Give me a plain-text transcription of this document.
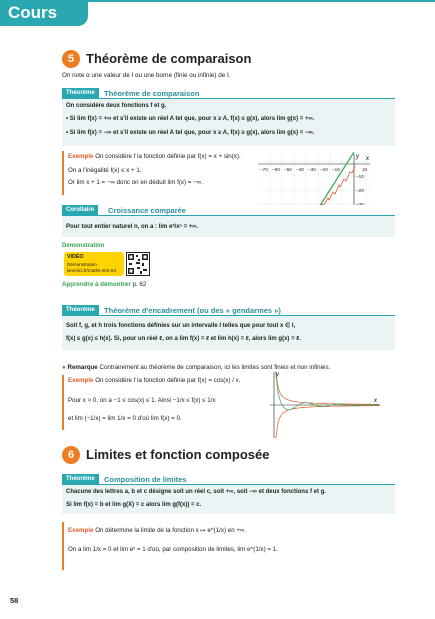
Cours
5 Théorème de comparaison
On note α une valeur de I ou une borne (finie ou infinie) de I.
Théorème	Théorème de comparaison
On considère deux fonctions f et g.
• Si lim f(x) = +∞ et s'il existe un réel A tel que, pour x ≥ A, f(x) ≤ g(x), alors lim g(x) = +∞.
• Si lim f(x) = −∞ et s'il existe un réel A tel que, pour x ≥ A, f(x) ≥ g(x), alors lim g(x) = −∞.
Exemple On considère f la fonction définie par f(x) = x + sin(x).
On a l'inégalité f(x) ≤ x + 1.
Or lim x + 1 = −∞ donc on en déduit lim f(x) = −∞.
x
y
−70 −60 −50 −40 −30 −20 −10	10
−10
−20
Corollaire	Croissance comparée
Pour tout entier naturel n, on a : lim eˣ/xⁿ = +∞.
Démonstration
VIDÉO
Démonstration
lienmini.fr/maths-s02-04
Apprendre à démontrer p. 62
Théorème	Théorème d'encadrement (ou des « gendarmes »)
Soit f, g, et h trois fonctions définies sur un intervalle I telles que pour tout x ∈ I,
f(x) ≤ g(x) ≤ h(x). Si, pour un réel ℓ, on a lim f(x) = ℓ et lim h(x) = ℓ, alors lim g(x) = ℓ.
● Remarque Contrairement au théorème de comparaison, ici les limites sont finies et non infinies.
Exemple On considère f la fonction définie par f(x) = cos(x) / x.
Pour x > 0, on a −1 ≤ cos(x) ≤ 1. Ainsi −1/x ≤ f(x) ≤ 1/x
et lim (−1/x) = lim 1/x = 0 d'où lim f(x) = 0.
x
y
6 Limites et fonction composée
Théorème	Composition de limites
Chacune des lettres a, b et c désigne soit un réel c, soit +∞, soit −∞ et deux fonctions f et g.
Si lim f(x) = b et lim g(X) = c alors lim g(f(x)) = c.
Exemple On détermine la limite de la fonction x ↦ e^(1/x) en +∞.
On a lim 1/x = 0 et lim eˣ = 1 d'où, par composition de limites, lim e^(1/x) = 1.
58
